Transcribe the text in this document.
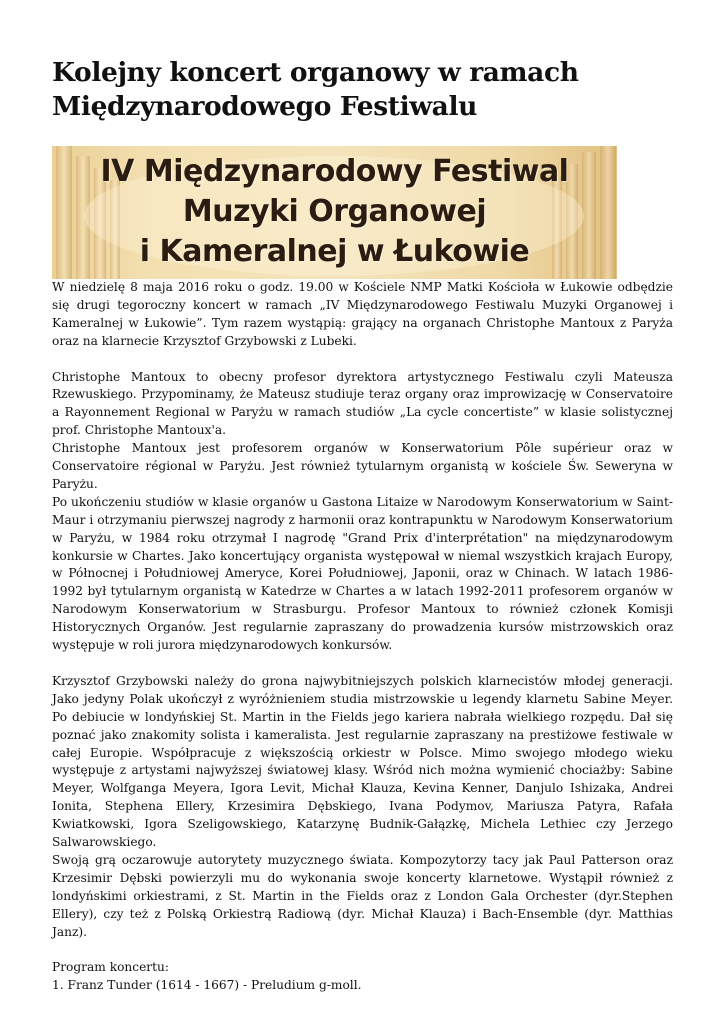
Kolejny koncert organowy w ramach
Międzynarodowego Festiwalu
IV Międzynarodowy Festiwal
Muzyki Organowej
i Kameralnej w Łukowie

W niedzielę 8 maja 2016 roku o godz. 19.00 w Kościele NMP Matki Kościoła w Łukowie odbędzie się drugi tegoroczny koncert w ramach „IV Międzynarodowego Festiwalu Muzyki Organowej i Kameralnej w Łukowie”. Tym razem wystąpią: grający na organach Christophe Mantoux z Paryża oraz na klarnecie Krzysztof Grzybowski z Lubeki.

Christophe Mantoux to obecny profesor dyrektora artystycznego Festiwalu czyli Mateusza Rzewuskiego. Przypominamy, że Mateusz studiuje teraz organy oraz improwizację w Conservatoire a Rayonnement Regional w Paryżu w ramach studiów „La cycle concertiste” w klasie solistycznej prof. Christophe Mantoux'a.

Christophe Mantoux jest profesorem organów w Konserwatorium Pôle supérieur oraz w Conservatoire régional w Paryżu. Jest również tytularnym organistą w kościele Św. Seweryna w Paryżu.

Po ukończeniu studiów w klasie organów u Gastona Litaize w Narodowym Konserwatorium w Saint-Maur i otrzymaniu pierwszej nagrody z harmonii oraz kontrapunktu w Narodowym Konserwatorium w Paryżu, w 1984 roku otrzymał I nagrodę "Grand Prix d'interprétation" na międzynarodowym konkursie w Chartes. Jako koncertujący organista występował w niemal wszystkich krajach Europy, w Północnej i Południowej Ameryce, Korei Południowej, Japonii, oraz w Chinach. W latach 1986-1992 był tytularnym organistą w Katedrze w Chartes a w latach 1992-2011 profesorem organów w Narodowym Konserwatorium w Strasburgu. Profesor Mantoux to również członek Komisji Historycznych Organów. Jest regularnie zapraszany do prowadzenia kursów mistrzowskich oraz występuje w roli jurora międzynarodowych konkursów.

Krzysztof Grzybowski należy do grona najwybitniejszych polskich klarnecistów młodej generacji. Jako jedyny Polak ukończył z wyróżnieniem studia mistrzowskie u legendy klarnetu Sabine Meyer. Po debiucie w londyńskiej St. Martin in the Fields jego kariera nabrała wielkiego rozpędu. Dał się poznać jako znakomity solista i kameralista. Jest regularnie zapraszany na prestiżowe festiwale w całej Europie. Współpracuje z większością orkiestr w Polsce. Mimo swojego młodego wieku występuje z artystami najwyższej światowej klasy. Wśród nich można wymienić chociażby: Sabine Meyer, Wolfganga Meyera, Igora Levit, Michał Klauza, Kevina Kenner, Danjulo Ishizaka, Andrei Ionita, Stephena Ellery, Krzesimira Dębskiego, Ivana Podymov, Mariusza Patyra, Rafała Kwiatkowski, Igora Szeligowskiego, Katarzynę Budnik-Gałązkę, Michela Lethiec czy Jerzego Salwarowskiego.

Swoją grą oczarowuje autorytety muzycznego świata. Kompozytorzy tacy jak Paul Patterson oraz Krzesimir Dębski powierzyli mu do wykonania swoje koncerty klarnetowe. Wystąpił również z londyńskimi orkiestrami, z St. Martin in the Fields oraz z London Gala Orchester (dyr.Stephen Ellery), czy też z Polską Orkiestrą Radiową (dyr. Michał Klauza) i Bach-Ensemble (dyr. Matthias Janz).

Program koncertu:

1. Franz Tunder (1614 - 1667) - Preludium g-moll.
